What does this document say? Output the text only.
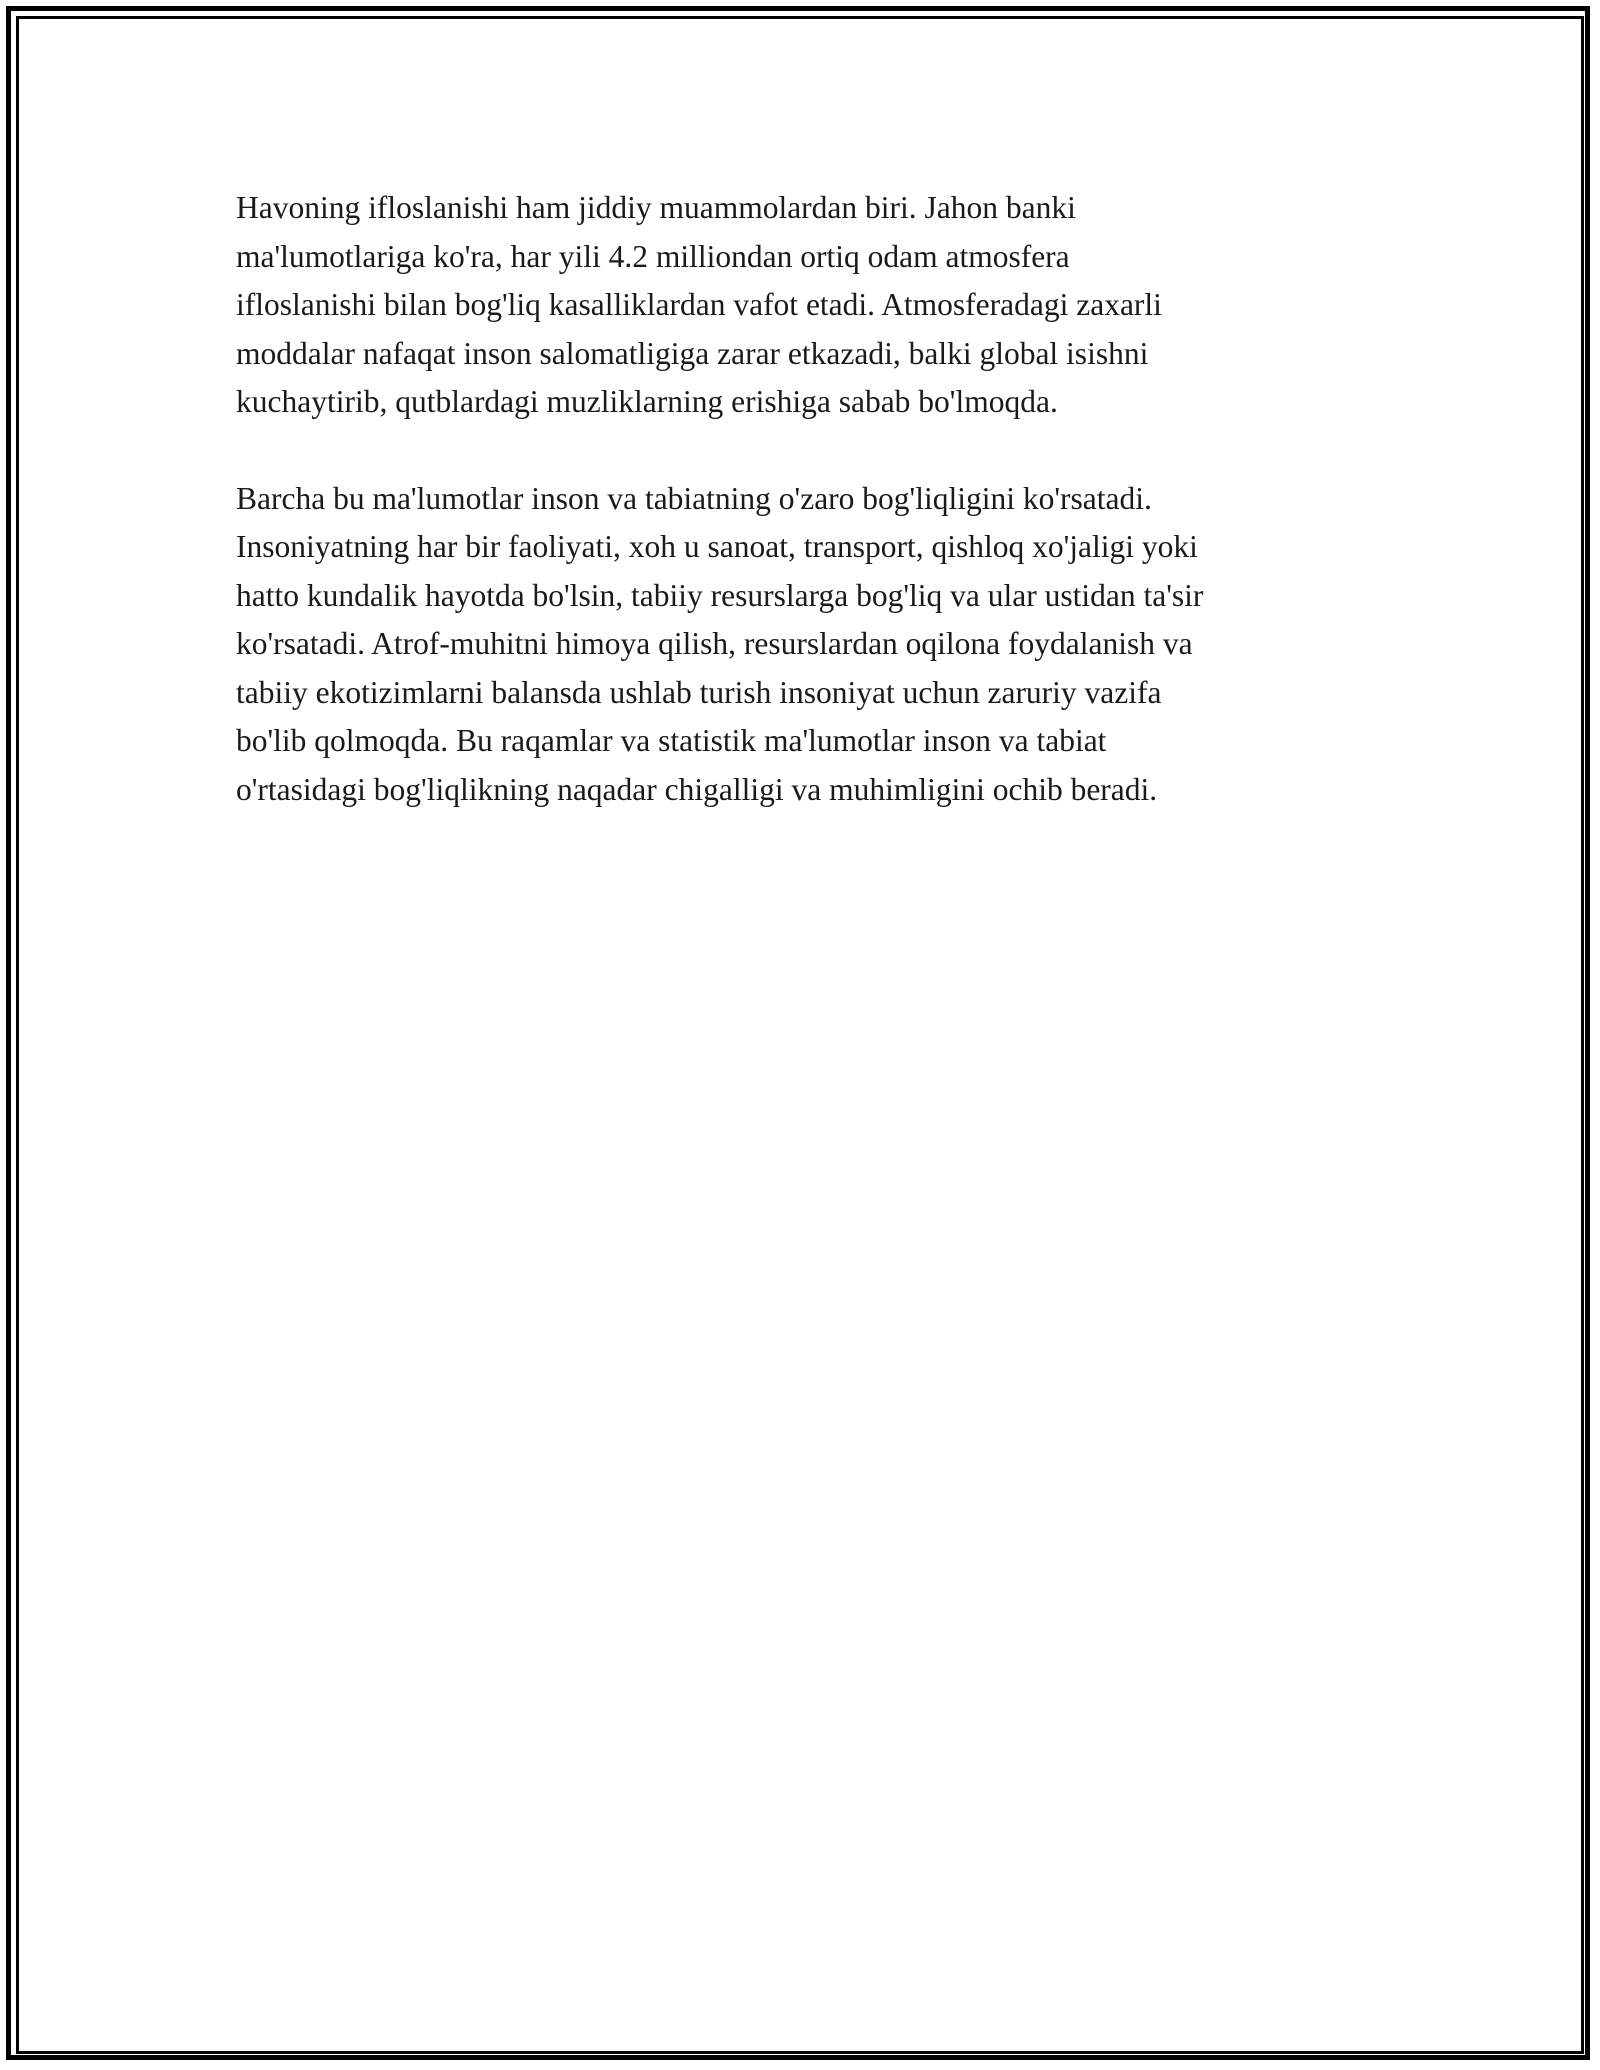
Havoning ifloslanishi ham jiddiy muammolardan biri. Jahon banki
ma'lumotlariga ko'ra, har yili 4.2 milliondan ortiq odam atmosfera
ifloslanishi bilan bog'liq kasalliklardan vafot etadi. Atmosferadagi zaxarli
moddalar nafaqat inson salomatligiga zarar etkazadi, balki global isishni
kuchaytirib, qutblardagi muzliklarning erishiga sabab bo'lmoqda.

Barcha bu ma'lumotlar inson va tabiatning o'zaro bog'liqligini ko'rsatadi.
Insoniyatning har bir faoliyati, xoh u sanoat, transport, qishloq xo'jaligi yoki
hatto kundalik hayotda bo'lsin, tabiiy resurslarga bog'liq va ular ustidan ta'sir
ko'rsatadi. Atrof-muhitni himoya qilish, resurslardan oqilona foydalanish va
tabiiy ekotizimlarni balansda ushlab turish insoniyat uchun zaruriy vazifa
bo'lib qolmoqda. Bu raqamlar va statistik ma'lumotlar inson va tabiat
o'rtasidagi bog'liqlikning naqadar chigalligi va muhimligini ochib beradi.
